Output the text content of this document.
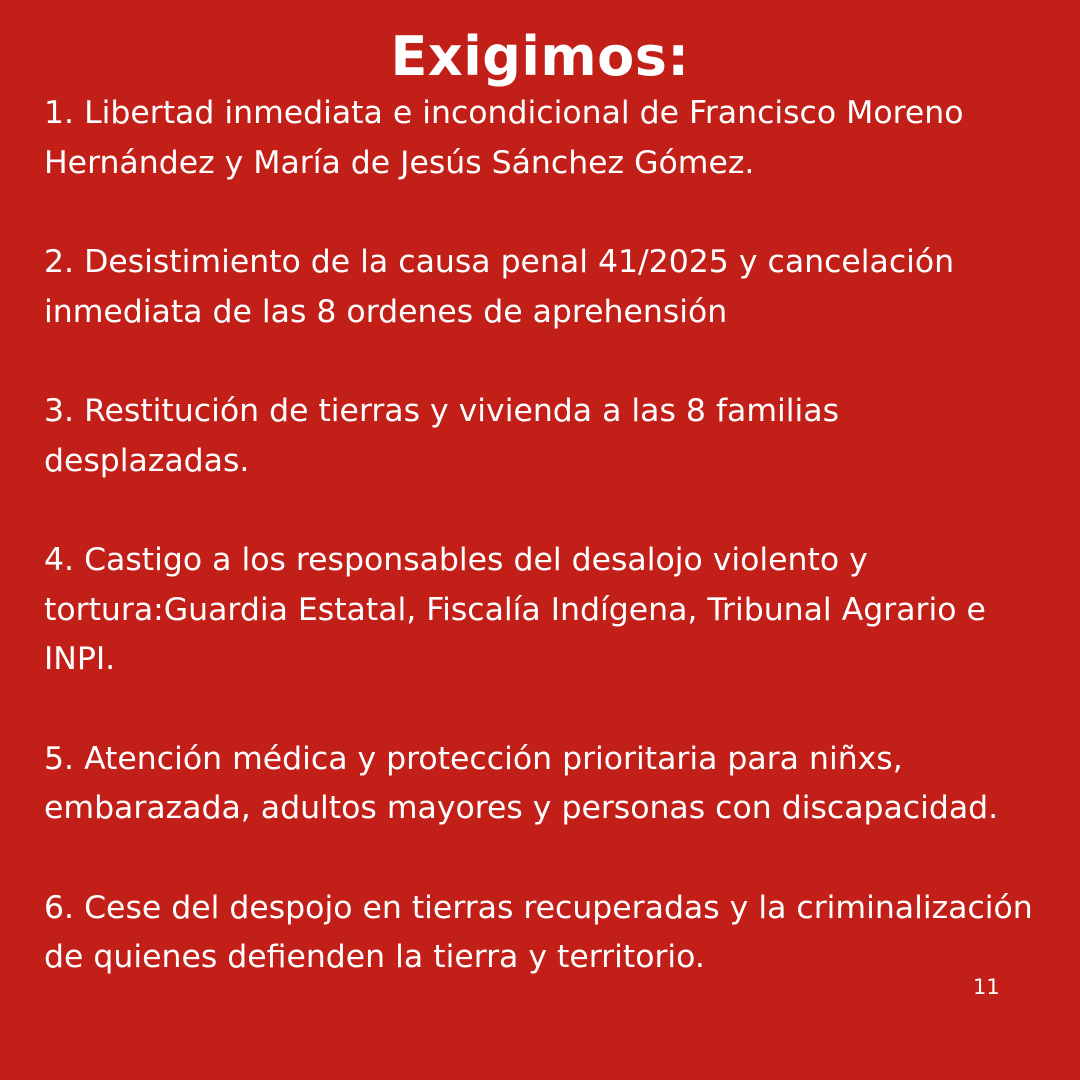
Exigimos:
1. Libertad inmediata e incondicional de Francisco Moreno Hernández y María de Jesús Sánchez Gómez.
2. Desistimiento de la causa penal 41/2025 y cancelación inmediata de las 8 ordenes de aprehensión
3. Restitución de tierras y vivienda a las 8 familias desplazadas.
4. Castigo a los responsables del desalojo violento y tortura:Guardia Estatal, Fiscalía Indígena, Tribunal Agrario e INPI.
5. Atención médica y protección prioritaria para niñxs, embarazada, adultos mayores y personas con discapacidad.
6. Cese del despojo en tierras recuperadas y la criminalización de quienes defienden la tierra y territorio.
11
